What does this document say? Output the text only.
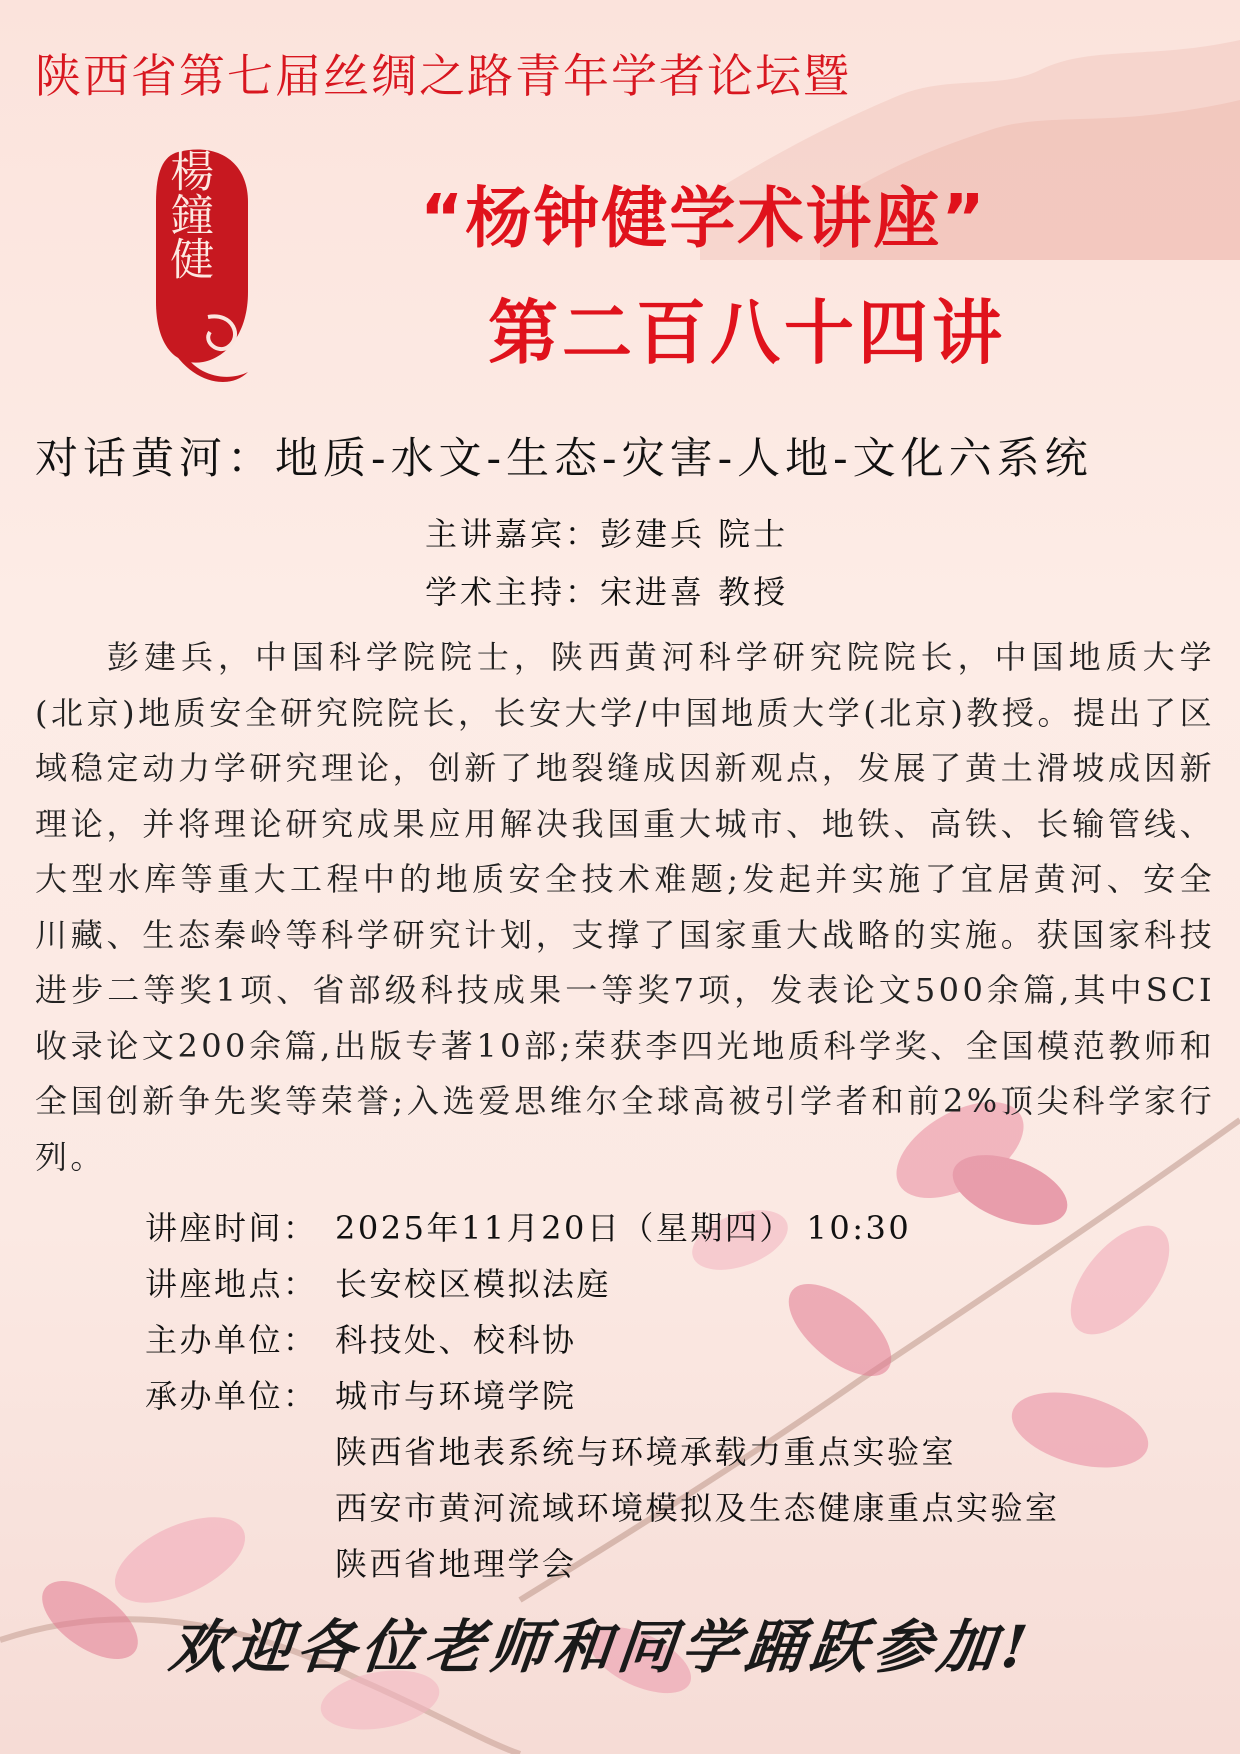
陕西省第七届丝绸之路青年学者论坛暨
楊鐘健	“杨钟健学术讲座”
第二百八十四讲
对话黄河：地质-水文-生态-灾害-人地-文化六系统
主讲嘉宾：彭建兵 院士
学术主持：宋进喜 教授

彭建兵，中国科学院院士，陕西黄河科学研究院院长，中国地质大学(北京)地质安全研究院院长，长安大学/中国地质大学(北京)教授。提出了区域稳定动力学研究理论，创新了地裂缝成因新观点，发展了黄土滑坡成因新理论，并将理论研究成果应用解决我国重大城市、地铁、高铁、长输管线、大型水库等重大工程中的地质安全技术难题;发起并实施了宜居黄河、安全川藏、生态秦岭等科学研究计划，支撑了国家重大战略的实施。获国家科技进步二等奖1项、省部级科技成果一等奖7项，发表论文500余篇,其中SCI收录论文200余篇,出版专著10部;荣获李四光地质科学奖、全国模范教师和全国创新争先奖等荣誉;入选爱思维尔全球高被引学者和前2%顶尖科学家行列。

讲座时间： 2025年11月20日（星期四） 10:30
讲座地点： 长安校区模拟法庭
主办单位： 科技处、校科协
承办单位： 城市与环境学院
陕西省地表系统与环境承载力重点实验室
西安市黄河流域环境模拟及生态健康重点实验室
陕西省地理学会
欢迎各位老师和同学踊跃参加!
